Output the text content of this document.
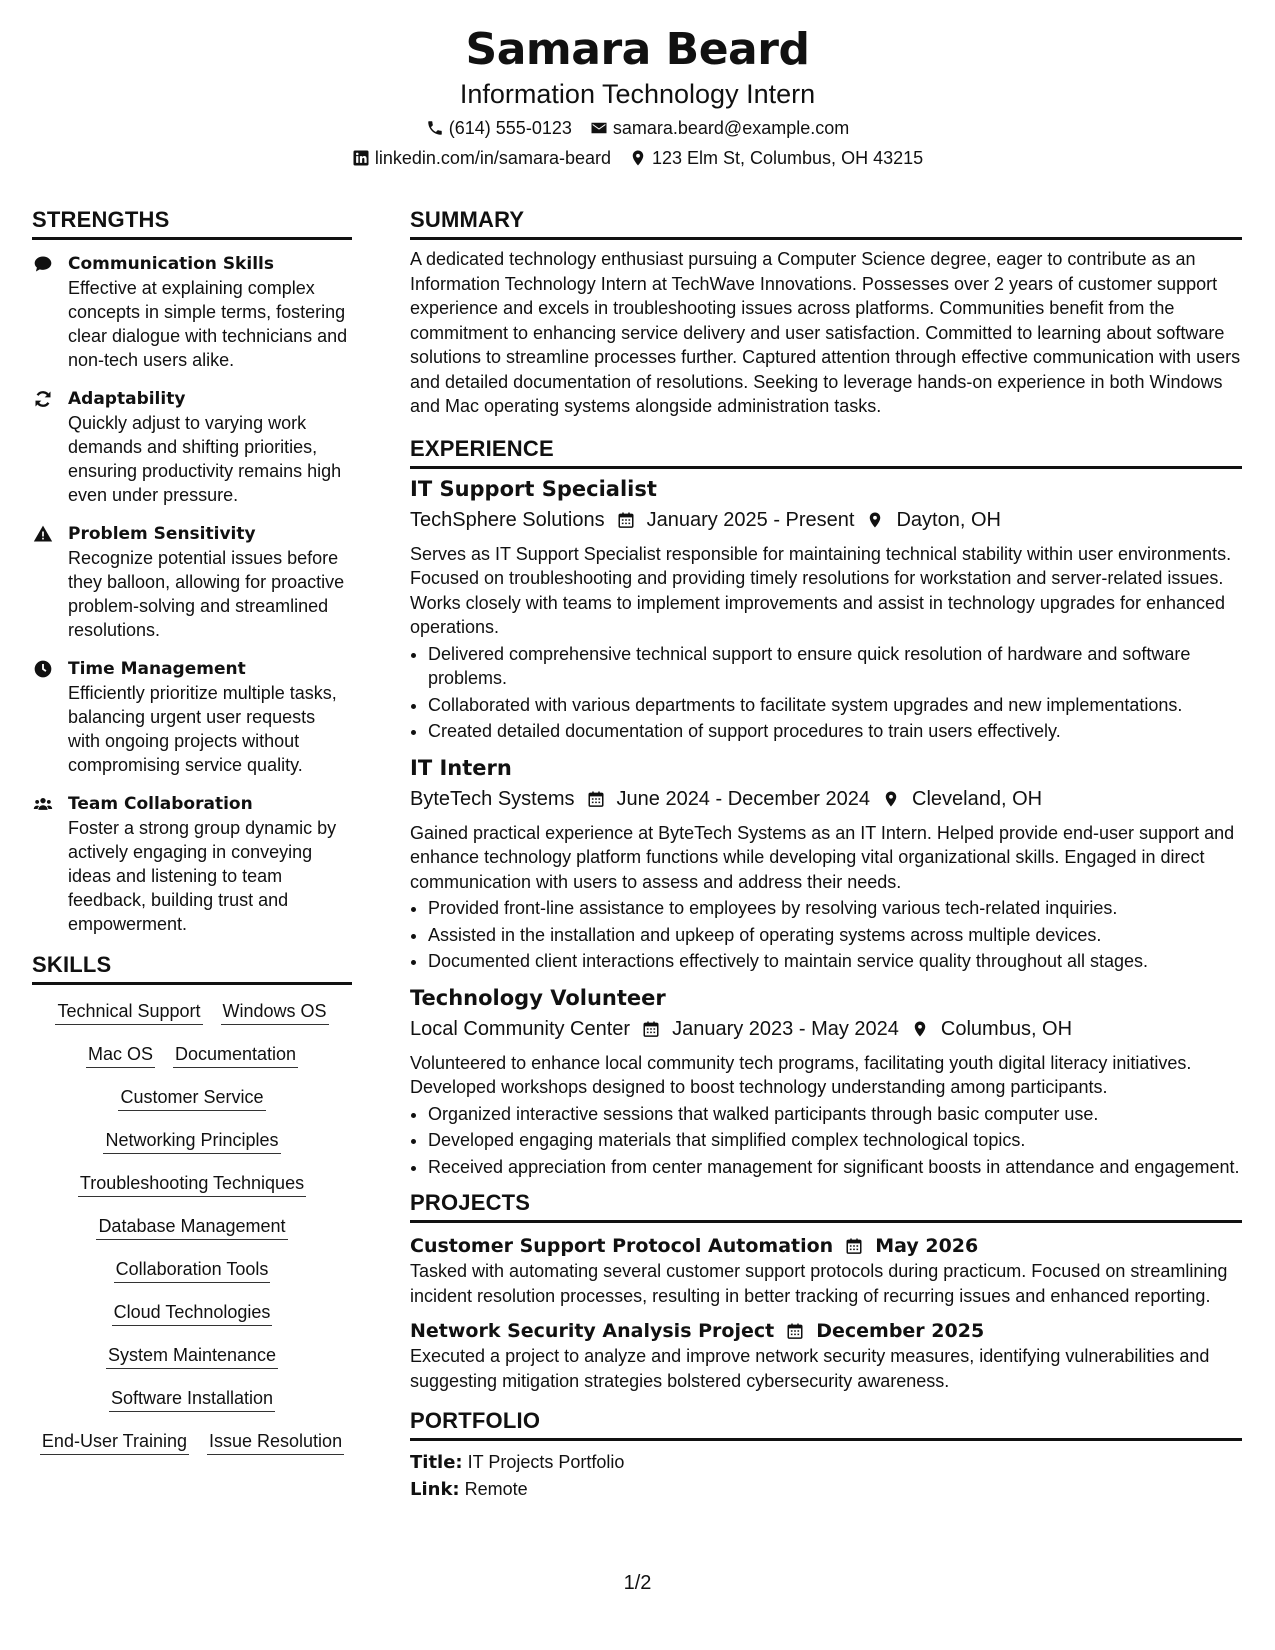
Samara Beard
Information Technology Intern
(614) 555-0123 samara.beard@example.com
linkedin.com/in/samara-beard 123 Elm St, Columbus, OH 43215
STRENGTHS
Communication Skills
Effective at explaining complex concepts in simple terms, fostering clear dialogue with technicians and non-tech users alike.
Adaptability
Quickly adjust to varying work demands and shifting priorities, ensuring productivity remains high even under pressure.
Problem Sensitivity
Recognize potential issues before they balloon, allowing for proactive problem-solving and streamlined resolutions.
Time Management
Efficiently prioritize multiple tasks, balancing urgent user requests with ongoing projects without compromising service quality.
Team Collaboration
Foster a strong group dynamic by actively engaging in conveying ideas and listening to team feedback, building trust and empowerment.
SKILLS
Technical Support Windows OS
Mac OS Documentation
Customer Service
Networking Principles
Troubleshooting Techniques
Database Management
Collaboration Tools
Cloud Technologies
System Maintenance
Software Installation
End-User Training Issue Resolution
SUMMARY

A dedicated technology enthusiast pursuing a Computer Science degree, eager to contribute as an Information Technology Intern at TechWave Innovations. Possesses over 2 years of customer support experience and excels in troubleshooting issues across platforms. Communities benefit from the commitment to enhancing service delivery and user satisfaction. Committed to learning about software solutions to streamline processes further. Captured attention through effective communication with users and detailed documentation of resolutions. Seeking to leverage hands-on experience in both Windows and Mac operating systems alongside administration tasks.

EXPERIENCE
IT Support Specialist
TechSphere Solutions January 2025 - Present Dayton, OH

Serves as IT Support Specialist responsible for maintaining technical stability within user environments. Focused on troubleshooting and providing timely resolutions for workstation and server-related issues. Works closely with teams to implement improvements and assist in technology upgrades for enhanced operations.

• Delivered comprehensive technical support to ensure quick resolution of hardware and software problems.
• Collaborated with various departments to facilitate system upgrades and new implementations.
• Created detailed documentation of support procedures to train users effectively.
IT Intern
ByteTech Systems June 2024 - December 2024 Cleveland, OH

Gained practical experience at ByteTech Systems as an IT Intern. Helped provide end-user support and enhance technology platform functions while developing vital organizational skills. Engaged in direct communication with users to assess and address their needs.

• Provided front-line assistance to employees by resolving various tech-related inquiries.
• Assisted in the installation and upkeep of operating systems across multiple devices.
• Documented client interactions effectively to maintain service quality throughout all stages.
Technology Volunteer
Local Community Center January 2023 - May 2024 Columbus, OH

Volunteered to enhance local community tech programs, facilitating youth digital literacy initiatives. Developed workshops designed to boost technology understanding among participants.

• Organized interactive sessions that walked participants through basic computer use.
• Developed engaging materials that simplified complex technological topics.
• Received appreciation from center management for significant boosts in attendance and engagement.
PROJECTS
Customer Support Protocol Automation May 2026

Tasked with automating several customer support protocols during practicum. Focused on streamlining incident resolution processes, resulting in better tracking of recurring issues and enhanced reporting.

Network Security Analysis Project December 2025

Executed a project to analyze and improve network security measures, identifying vulnerabilities and suggesting mitigation strategies bolstered cybersecurity awareness.

PORTFOLIO
Title: IT Projects Portfolio
Link: Remote
1/2
